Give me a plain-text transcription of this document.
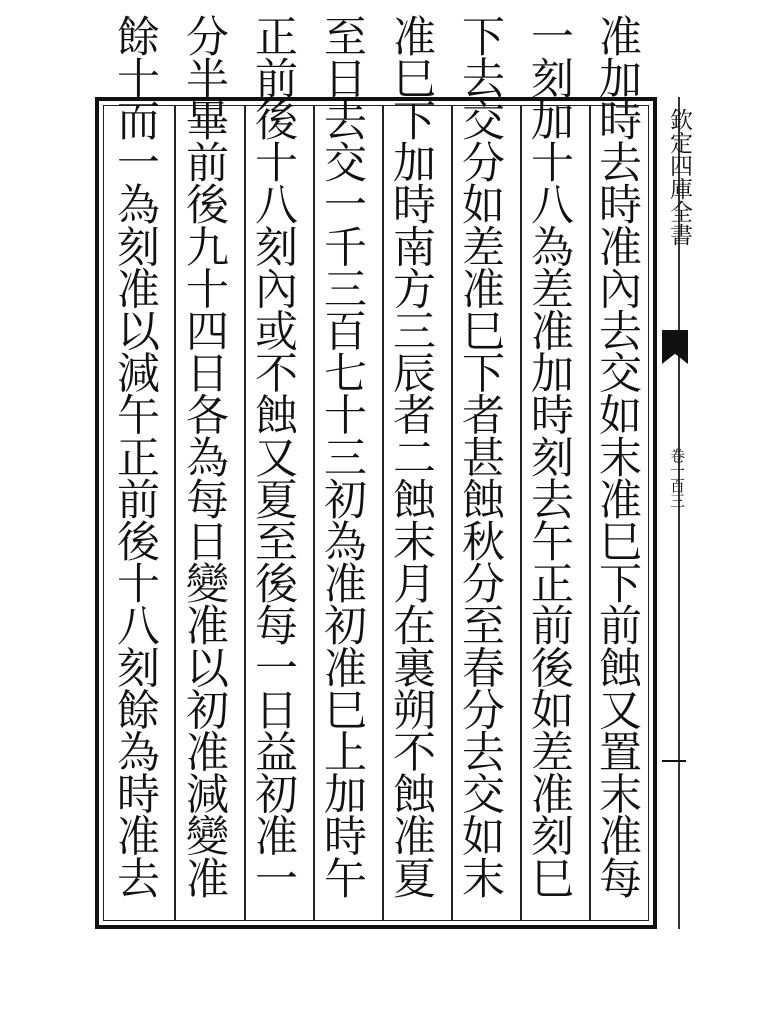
欽定四庫全書
卷一百三
准加時去時准內去交如末准巳下前蝕又置末准每
一刻加十八為差准加時刻去午正前後如差准刻巳
下去交分如差准巳下者甚蝕秋分至春分去交如末
准巳下加時南方三辰者二蝕末月在裏朔不蝕准夏
至日去交一千三百七十三初為准初准巳上加時午
正前後十八刻內或不蝕又夏至後每一日益初准一
分半畢前後九十四日各為每日變准以初准減變准
餘十而一為刻准以減午正前後十八刻餘為時准去
